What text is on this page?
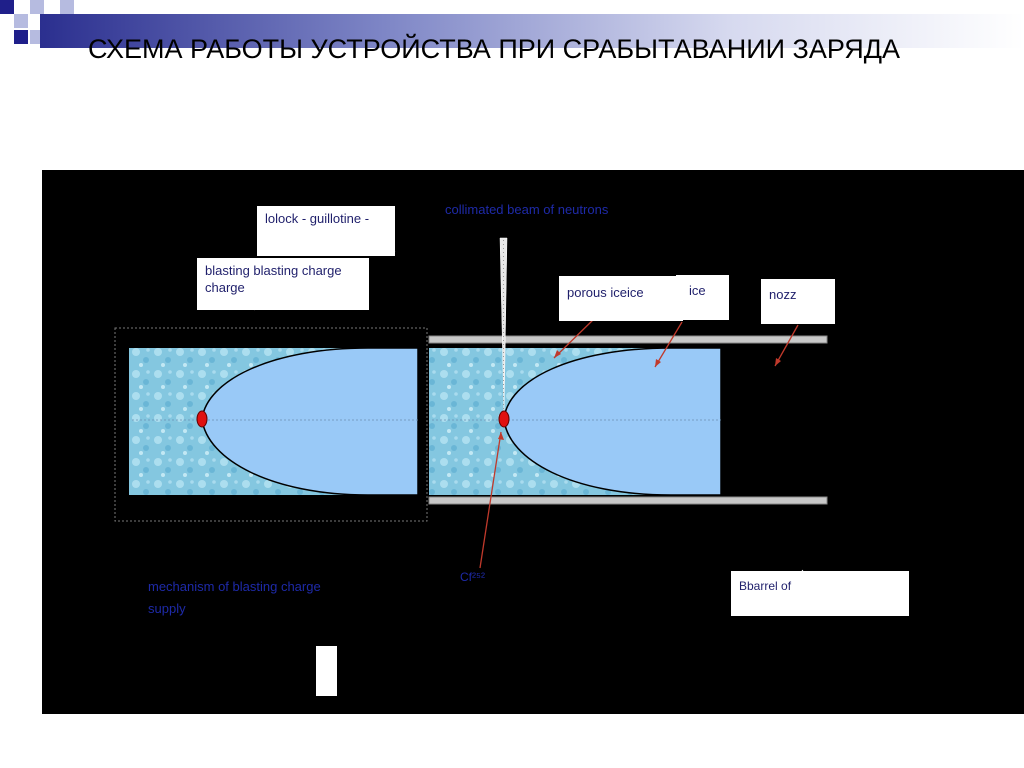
СХЕМА РАБОТЫ УСТРОЙСТВА ПРИ СРАБЫТАВАНИИ ЗАРЯДА
lolock - guillotine -
blasting blasting charge charge
collimated beam of neutrons
porous iceice	ice	nozz
mechanism of blasting charge supply
Cf²⁵²
Bbarrel of
